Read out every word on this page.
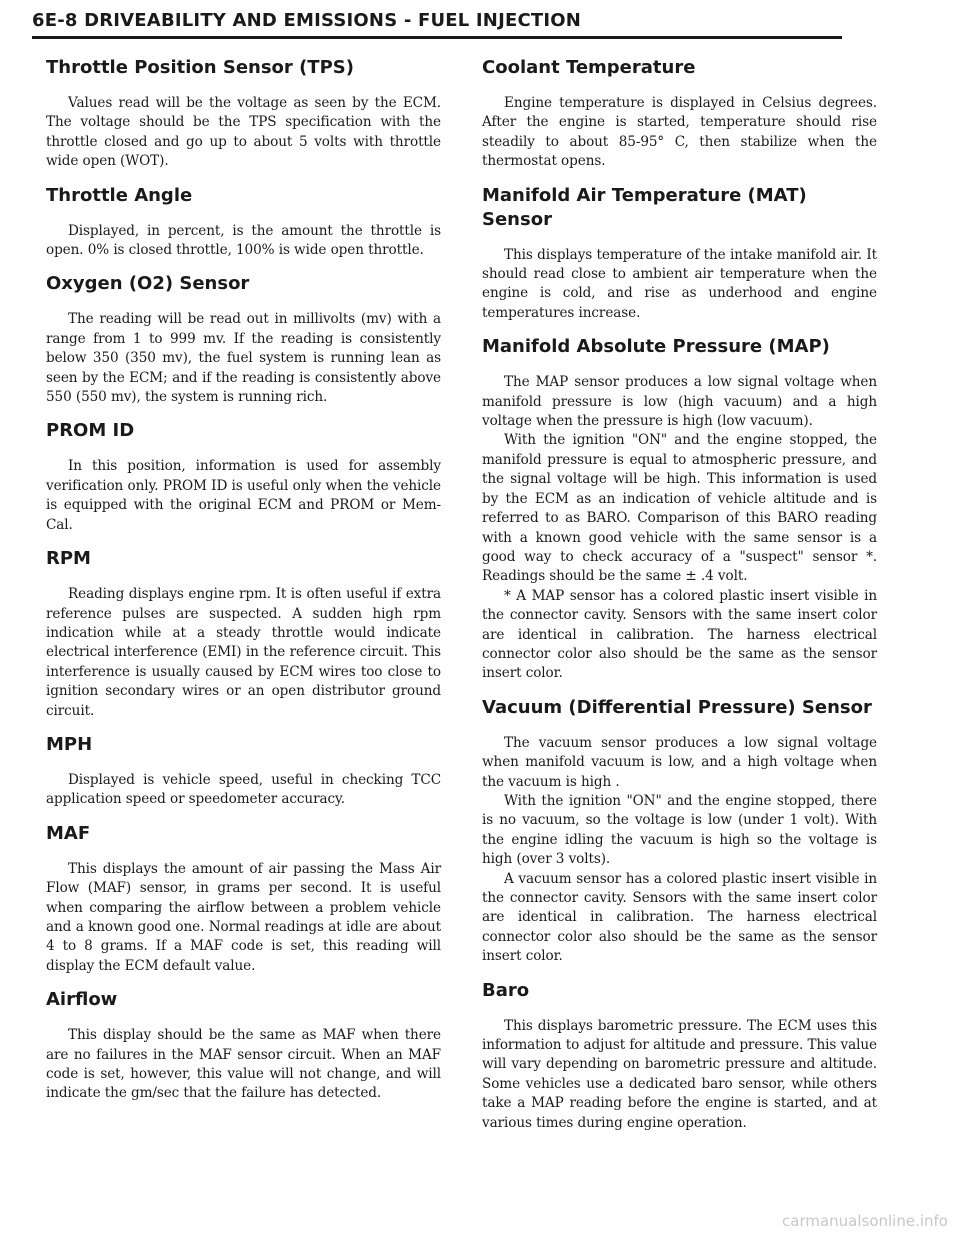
6E-8 DRIVEABILITY AND EMISSIONS - FUEL INJECTION
Throttle Position Sensor (TPS)

Values read will be the voltage as seen by the ECM. The voltage should be the TPS specification with the throttle closed and go up to about 5 volts with throttle wide open (WOT).

Throttle Angle

Displayed, in percent, is the amount the throttle is open. 0% is closed throttle, 100% is wide open throttle.

Oxygen (O2) Sensor

The reading will be read out in millivolts (mv) with a range from 1 to 999 mv. If the reading is consistently below 350 (350 mv), the fuel system is running lean as seen by the ECM; and if the reading is consistently above 550 (550 mv), the system is running rich.

PROM ID

In this position, information is used for assembly verification only. PROM ID is useful only when the vehicle is equipped with the original ECM and PROM or Mem-Cal.

RPM

Reading displays engine rpm. It is often useful if extra reference pulses are suspected. A sudden high rpm indication while at a steady throttle would indicate electrical interference (EMI) in the reference circuit. This interference is usually caused by ECM wires too close to ignition secondary wires or an open distributor ground circuit.

MPH

Displayed is vehicle speed, useful in checking TCC application speed or speedometer accuracy.

MAF

This displays the amount of air passing the Mass Air Flow (MAF) sensor, in grams per second. It is useful when comparing the airflow between a problem vehicle and a known good one. Normal readings at idle are about 4 to 8 grams. If a MAF code is set, this reading will display the ECM default value.

Airflow

This display should be the same as MAF when there are no failures in the MAF sensor circuit. When an MAF code is set, however, this value will not change, and will indicate the gm/sec that the failure has detected.

Coolant Temperature

Engine temperature is displayed in Celsius degrees. After the engine is started, temperature should rise steadily to about 85-95° C, then stabilize when the thermostat opens.

Manifold Air Temperature (MAT) Sensor

This displays temperature of the intake manifold air. It should read close to ambient air temperature when the engine is cold, and rise as underhood and engine temperatures increase.

Manifold Absolute Pressure (MAP)

The MAP sensor produces a low signal voltage when manifold pressure is low (high vacuum) and a high voltage when the pressure is high (low vacuum).

With the ignition "ON" and the engine stopped, the manifold pressure is equal to atmospheric pressure, and the signal voltage will be high. This information is used by the ECM as an indication of vehicle altitude and is referred to as BARO. Comparison of this BARO reading with a known good vehicle with the same sensor is a good way to check accuracy of a "suspect" sensor *. Readings should be the same ± .4 volt.

* A MAP sensor has a colored plastic insert visible in the connector cavity. Sensors with the same insert color are identical in calibration. The harness electrical connector color also should be the same as the sensor insert color.

Vacuum (Differential Pressure) Sensor

The vacuum sensor produces a low signal voltage when manifold vacuum is low, and a high voltage when the vacuum is high .

With the ignition "ON" and the engine stopped, there is no vacuum, so the voltage is low (under 1 volt). With the engine idling the vacuum is high so the voltage is high (over 3 volts).

A vacuum sensor has a colored plastic insert visible in the connector cavity. Sensors with the same insert color are identical in calibration. The harness electrical connector color also should be the same as the sensor insert color.

Baro

This displays barometric pressure. The ECM uses this information to adjust for altitude and pressure. This value will vary depending on barometric pressure and altitude. Some vehicles use a dedicated baro sensor, while others take a MAP reading before the engine is started, and at various times during engine operation.

carmanualsonline.info
